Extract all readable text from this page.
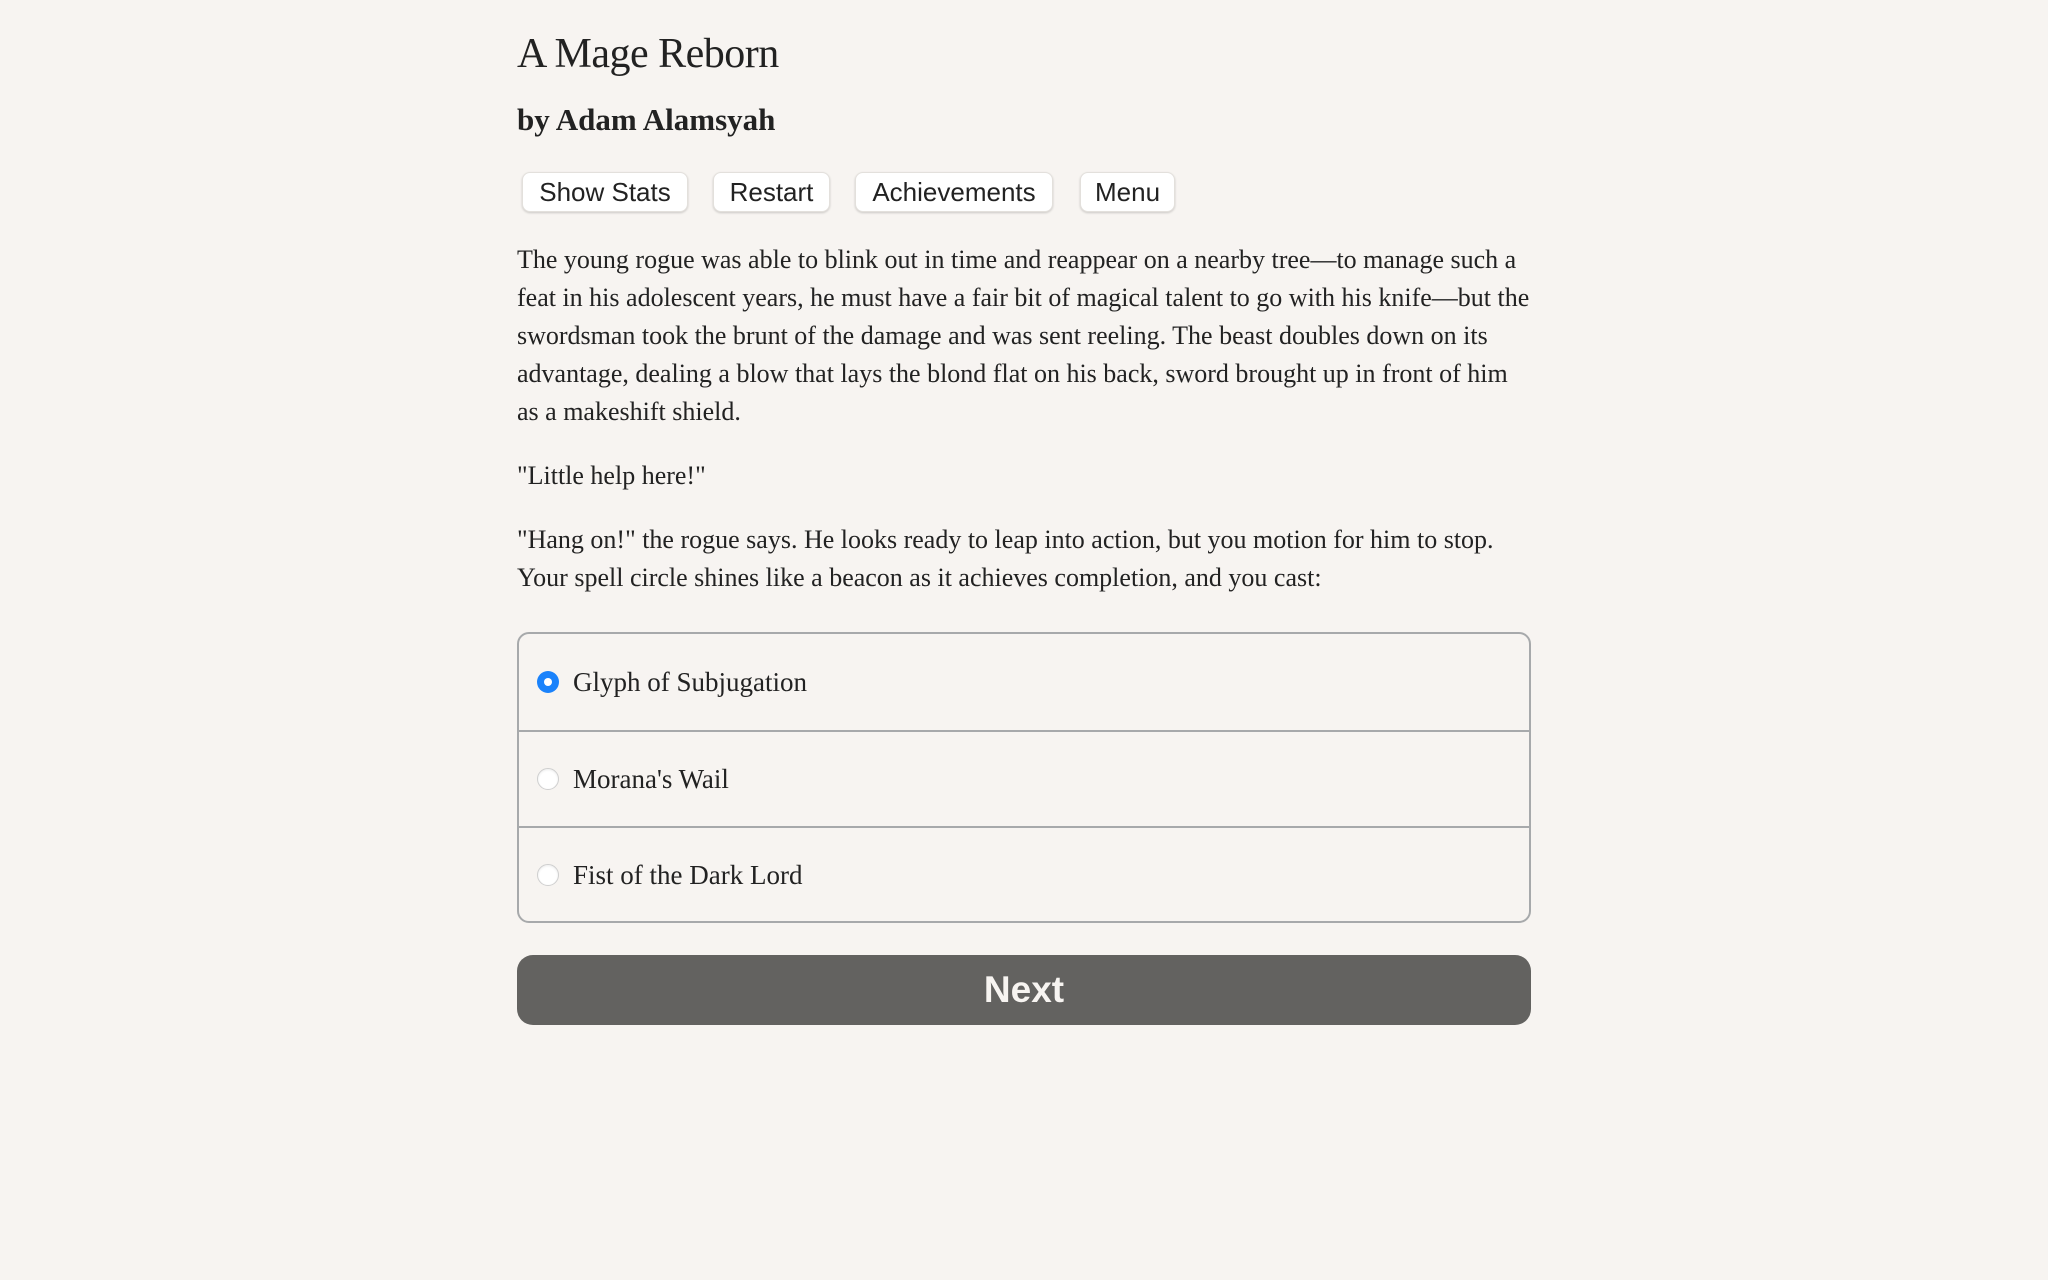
A Mage Reborn
by Adam Alamsyah
Show Stats	Restart	Achievements	Menu

The young rogue was able to blink out in time and reappear on a nearby tree—to manage such a feat in his adolescent years, he must have a fair bit of magical talent to go with his knife—but the swordsman took the brunt of the damage and was sent reeling. The beast doubles down on its advantage, dealing a blow that lays the blond flat on his back, sword brought up in front of him as a makeshift shield.

"Little help here!"

"Hang on!" the rogue says. He looks ready to leap into action, but you motion for him to stop. Your spell circle shines like a beacon as it achieves completion, and you cast:

Glyph of Subjugation
Morana's Wail
Fist of the Dark Lord
Next
